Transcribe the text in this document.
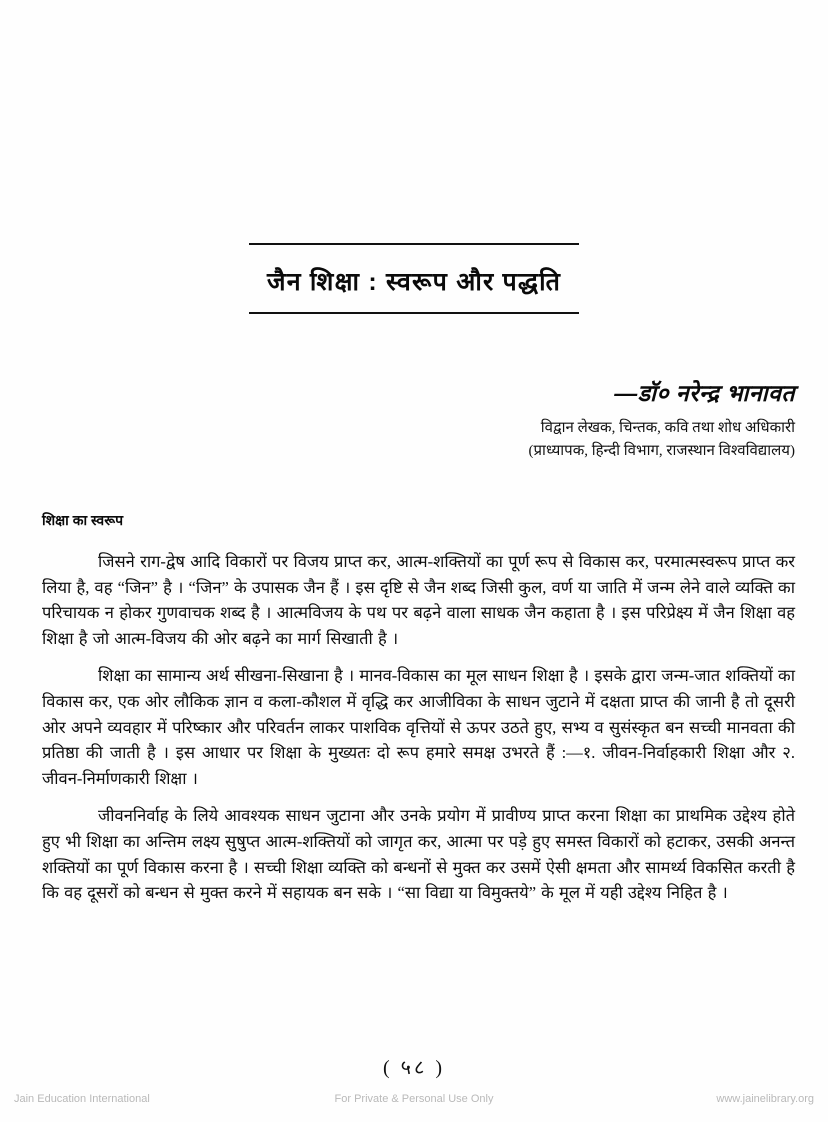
जैन शिक्षा : स्वरूप और पद्धति
—डॉ० नरेन्द्र भानावत
विद्वान लेखक, चिन्तक, कवि तथा शोध अधिकारी
(प्राध्यापक, हिन्दी विभाग, राजस्थान विश्वविद्यालय)
शिक्षा का स्वरूप

जिसने राग-द्वेष आदि विकारों पर विजय प्राप्त कर, आत्म-शक्तियों का पूर्ण रूप से विकास कर, परमात्मस्वरूप प्राप्त कर लिया है, वह “जिन” है । “जिन” के उपासक जैन हैं । इस दृष्टि से जैन शब्द जिसी कुल, वर्ण या जाति में जन्म लेने वाले व्यक्ति का परिचायक न होकर गुणवाचक शब्द है । आत्मविजय के पथ पर बढ़ने वाला साधक जैन कहाता है । इस परिप्रेक्ष्य में जैन शिक्षा वह शिक्षा है जो आत्म-विजय की ओर बढ़ने का मार्ग सिखाती है ।

शिक्षा का सामान्य अर्थ सीखना-सिखाना है । मानव-विकास का मूल साधन शिक्षा है । इसके द्वारा जन्म-जात शक्तियों का विकास कर, एक ओर लौकिक ज्ञान व कला-कौशल में वृद्धि कर आजीविका के साधन जुटाने में दक्षता प्राप्त की जानी है तो दूसरी ओर अपने व्यवहार में परिष्कार और परिवर्तन लाकर पाशविक वृत्तियों से ऊपर उठते हुए, सभ्य व सुसंस्कृत बन सच्ची मानवता की प्रतिष्ठा की जाती है । इस आधार पर शिक्षा के मुख्यतः दो रूप हमारे समक्ष उभरते हैं :—१. जीवन-निर्वाहकारी शिक्षा और २. जीवन-निर्माणकारी शिक्षा ।

जीवननिर्वाह के लिये आवश्यक साधन जुटाना और उनके प्रयोग में प्रावीण्य प्राप्त करना शिक्षा का प्राथमिक उद्देश्य होते हुए भी शिक्षा का अन्तिम लक्ष्य सुषुप्त आत्म-शक्तियों को जागृत कर, आत्मा पर पड़े हुए समस्त विकारों को हटाकर, उसकी अनन्त शक्तियों का पूर्ण विकास करना है । सच्ची शिक्षा व्यक्ति को बन्धनों से मुक्त कर उसमें ऐसी क्षमता और सामर्थ्य विकसित करती है कि वह दूसरों को बन्धन से मुक्त करने में सहायक बन सके । “सा विद्या या विमुक्तये” के मूल में यही उद्देश्य निहित है ।

( ५८ )
Jain Education International	For Private & Personal Use Only	www.jainelibrary.org
